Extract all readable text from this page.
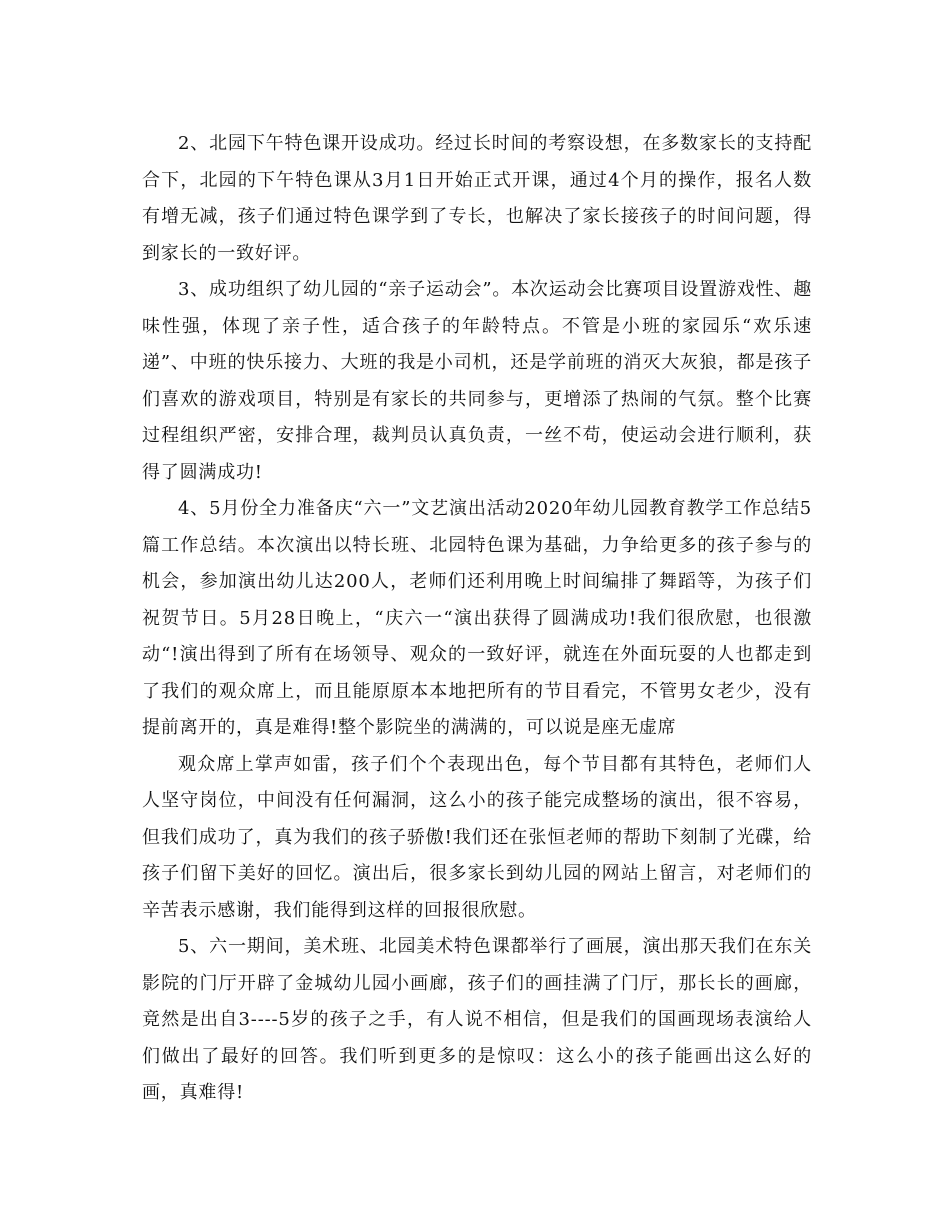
2、北园下午特色课开设成功。经过长时间的考察设想，在多数家长的支持配合下，北园的下午特色课从3月1日开始正式开课，通过4个月的操作，报名人数有增无减，孩子们通过特色课学到了专长，也解决了家长接孩子的时间问题，得到家长的一致好评。

3、成功组织了幼儿园的“亲子运动会”。本次运动会比赛项目设置游戏性、趣味性强，体现了亲子性，适合孩子的年龄特点。不管是小班的家园乐“欢乐速递”、中班的快乐接力、大班的我是小司机，还是学前班的消灭大灰狼，都是孩子们喜欢的游戏项目，特别是有家长的共同参与，更增添了热闹的气氛。整个比赛过程组织严密，安排合理，裁判员认真负责，一丝不苟，使运动会进行顺利，获得了圆满成功!

4、5月份全力准备庆“六一”文艺演出活动2020年幼儿园教育教学工作总结5篇工作总结。本次演出以特长班、北园特色课为基础，力争给更多的孩子参与的机会，参加演出幼儿达200人，老师们还利用晚上时间编排了舞蹈等，为孩子们祝贺节日。5月28日晚上，“庆六一“演出获得了圆满成功!我们很欣慰，也很激动“!演出得到了所有在场领导、观众的一致好评，就连在外面玩耍的人也都走到了我们的观众席上，而且能原原本本地把所有的节目看完，不管男女老少，没有提前离开的，真是难得!整个影院坐的满满的，可以说是座无虚席

观众席上掌声如雷，孩子们个个表现出色，每个节目都有其特色，老师们人人坚守岗位，中间没有任何漏洞，这么小的孩子能完成整场的演出，很不容易，但我们成功了，真为我们的孩子骄傲!我们还在张恒老师的帮助下刻制了光碟，给孩子们留下美好的回忆。演出后，很多家长到幼儿园的网站上留言，对老师们的辛苦表示感谢，我们能得到这样的回报很欣慰。

5、六一期间，美术班、北园美术特色课都举行了画展，演出那天我们在东关影院的门厅开辟了金城幼儿园小画廊，孩子们的画挂满了门厅，那长长的画廊，竟然是出自3----5岁的孩子之手，有人说不相信，但是我们的国画现场表演给人们做出了最好的回答。我们听到更多的是惊叹：这么小的孩子能画出这么好的画，真难得!
